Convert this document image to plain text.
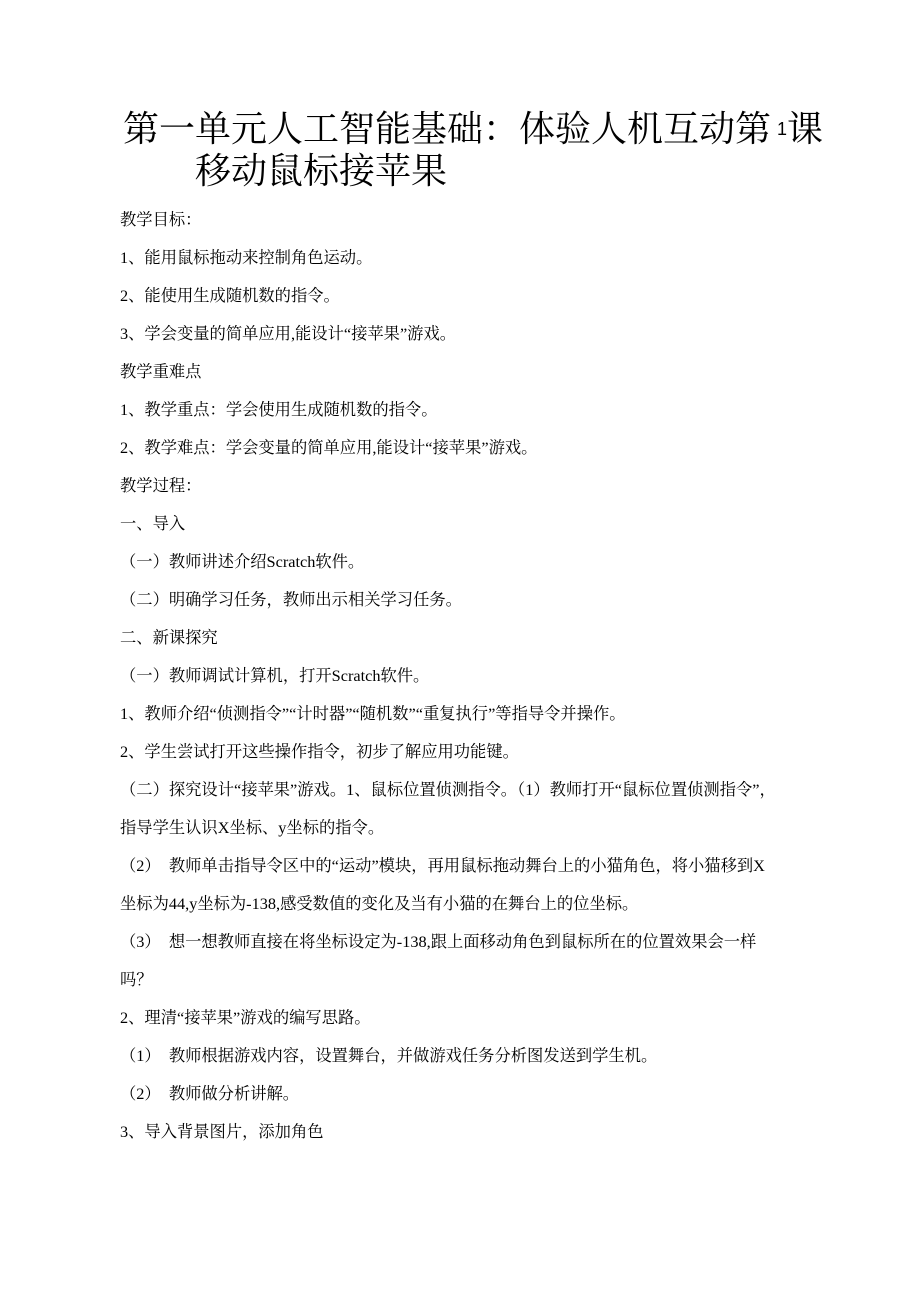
第一单元人工智能基础：体验人机互动第 $^1$课移动鼠标接苹果

教学目标：

1、能用鼠标拖动来控制角色运动。

2、能使用生成随机数的指令。

3、学会变量的简单应用,能设计“接苹果”游戏。

教学重难点

1、教学重点：学会使用生成随机数的指令。

2、教学难点：学会变量的简单应用,能设计“接苹果”游戏。

教学过程：

一、导入

（一）教师讲述介绍Scratch软件。

（二）明确学习任务，教师出示相关学习任务。

二、新课探究

（一）教师调试计算机，打开Scratch软件。

1、教师介绍“侦测指令”“计时器”“随机数”“重复执行”等指导令并操作。

2、学生尝试打开这些操作指令，初步了解应用功能键。

（二）探究设计“接苹果”游戏。1、鼠标位置侦测指令。（1）教师打开“鼠标位置侦测指令”，指导学生认识X坐标、y坐标的指令。

（2）　教师单击指导令区中的“运动”模块，再用鼠标拖动舞台上的小猫角色，将小猫移到X坐标为44,y坐标为-138,感受数值的变化及当有小猫的在舞台上的位坐标。

（3）　想一想教师直接在将坐标设定为-138,跟上面移动角色到鼠标所在的位置效果会一样吗？

2、理清“接苹果”游戏的编写思路。

（1）　教师根据游戏内容，设置舞台，并做游戏任务分析图发送到学生机。

（2）　教师做分析讲解。

3、导入背景图片，添加角色
